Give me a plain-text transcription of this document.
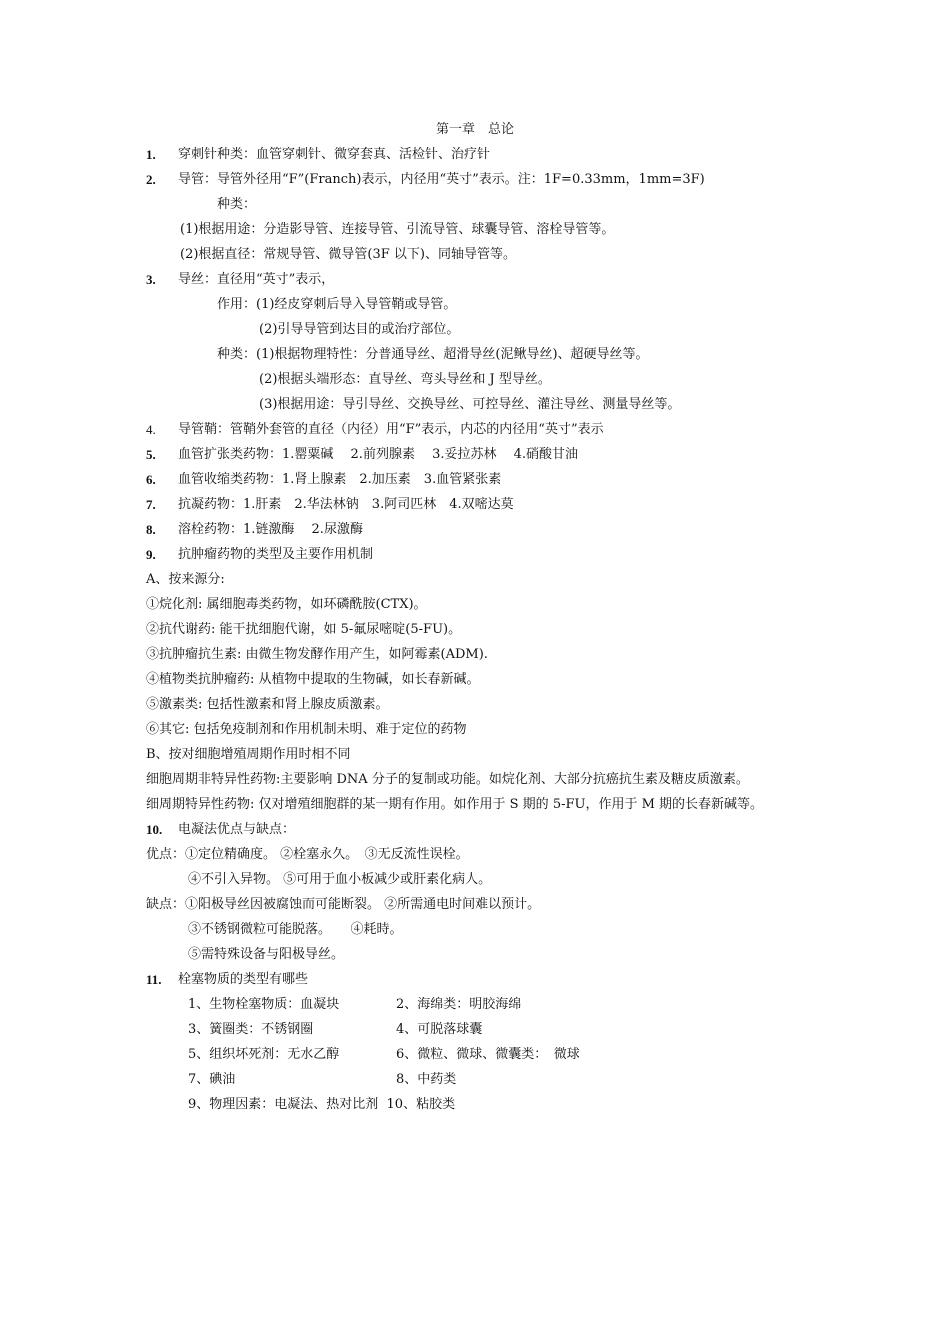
第一章　总论
1. 穿刺针种类：血管穿刺针、微穿套真、活检针、治疗针
2. 导管：导管外径用“F”(Franch)表示，内径用“英寸”表示。注：1F=0.33mm，1mm=3F)
种类：
(1)根据用途：分造影导管、连接导管、引流导管、球囊导管、溶栓导管等。
(2)根据直径：常规导管、微导管(3F 以下)、同轴导管等。
3. 导丝：直径用“英寸”表示，
作用：(1)经皮穿刺后导入导管鞘或导管。
(2)引导导管到达目的或治疗部位。
种类：(1)根据物理特性：分普通导丝、超滑导丝(泥鳅导丝)、超硬导丝等。
(2)根据头端形态：直导丝、弯头导丝和 J 型导丝。
(3)根据用途：导引导丝、交换导丝、可控导丝、灌注导丝、测量导丝等。
4. 导管鞘：管鞘外套管的直径（内径）用“F”表示，内芯的内径用“英寸”表示
5. 血管扩张类药物：1.罂粟碱　 2.前列腺素　 3.妥拉苏林　 4.硝酸甘油
6. 血管收缩类药物：1.肾上腺素　2.加压素　3.血管紧张素
7. 抗凝药物：1.肝素　2.华法林钠　3.阿司匹林　4.双嘧达莫
8. 溶栓药物：1.链激酶　 2.尿激酶
9. 抗肿瘤药物的类型及主要作用机制
A、按来源分:
①烷化剂: 属细胞毒类药物，如环磷酰胺(CTX)。
②抗代谢药: 能干扰细胞代谢，如 5-氟尿嘧啶(5-FU)。
③抗肿瘤抗生素: 由微生物发酵作用产生，如阿霉素(ADM).
④植物类抗肿瘤药: 从植物中提取的生物碱，如长春新碱。
⑤激素类: 包括性激素和肾上腺皮质激素。
⑥其它: 包括免疫制剂和作用机制未明、难于定位的药物
B、按对细胞增殖周期作用时相不同
细胞周期非特异性药物:主要影响 DNA 分子的复制或功能。如烷化剂、大部分抗癌抗生素及糖皮质激素。
细周期特异性药物: 仅对增殖细胞群的某一期有作用。如作用于 S 期的 5-FU，作用于 M 期的长春新碱等。
10. 电凝法优点与缺点：
优点：①定位精确度。 ②栓塞永久。　③无反流性误栓。
④不引入异物。 ⑤可用于血小板减少或肝素化病人。
缺点：①阳极导丝因被腐蚀而可能断裂。 ②所需通电时间难以预计。
③不锈钢微粒可能脱落。　　④耗時。
⑤需特殊设备与阳极导丝。
11. 栓塞物质的类型有哪些
1、生物栓塞物质：血凝块	2、海绵类：明胶海绵
3、簧圈类：不锈钢圈	4、可脱落球囊
5、组织坏死剂：无水乙醇	6、微粒、微球、微囊类：　微球
7、碘油	8、中药类
9、物理因素：电凝法、热对比剂  10、粘胶类
